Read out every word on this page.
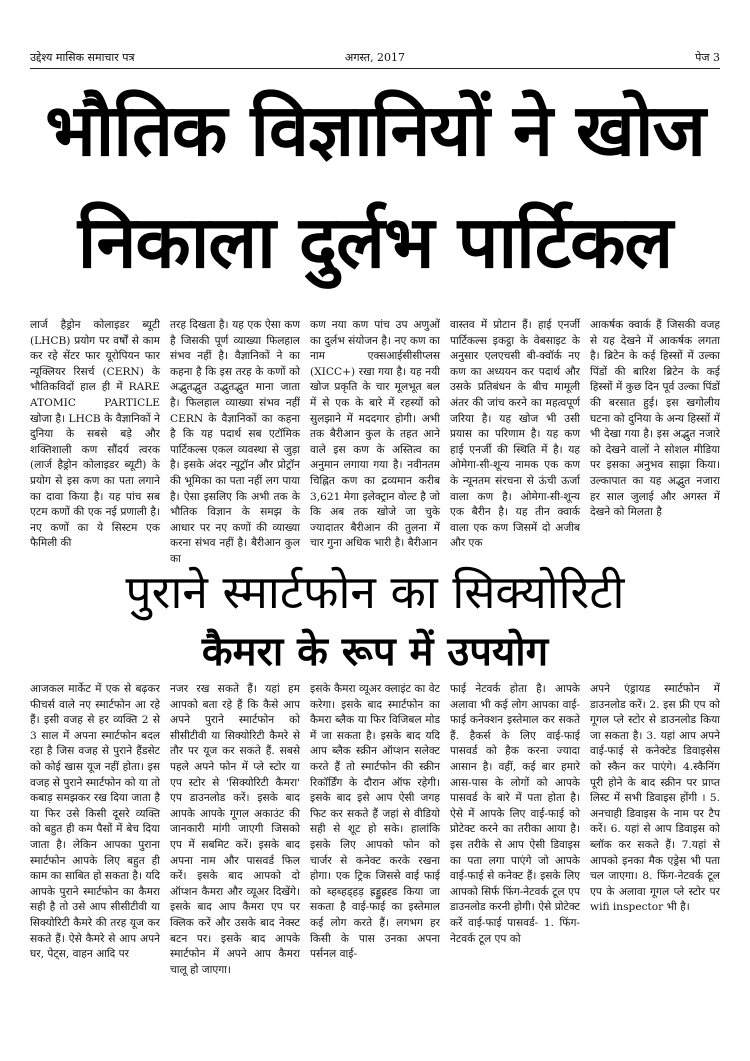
उद्देश्य मासिक समाचार पत्र	अगस्त, 2017	पेज 3
भौतिक विज्ञानियों ने खोज
निकाला दुर्लभ पार्टिकल

लार्ज हैड्रोन कोलाइडर ब्यूटी (LHCB) प्रयोग पर वर्षों से काम कर रहे सेंटर फार यूरोपियन फार न्यूक्लियर रिसर्च (CERN) के भौतिकविदों हाल ही में RARE ATOMIC PARTICLE खोजा है। LHCB के वैज्ञानिकों ने दुनिया के सबसे बड़े और शक्तिशाली कण सौंदर्य त्वरक (लार्ज हैड्रोन कोलाइडर ब्यूटी) के प्रयोग से इस कण का पता लगाने का दावा किया है। यह पांच सब एटम कणों की एक नई प्रणाली है। नए कणों का ये सिस्टम एक फैमिली की

तरह दिखता है। यह एक ऐसा कण है जिसकी पूर्ण व्याख्या फिलहाल संभव नहीं है। वैज्ञानिकों ने का कहना है कि इस तरह के कणों को अद्भुतद्भुत उद्भुतद्भुत माना जाता है। फिलहाल व्याख्या संभव नहीं CERN के वैज्ञानिकों का कहना है कि यह पदार्थ सब एटॉमिक पार्टिकल्स एकल व्यवस्था से जुड़ा है। इसके अंदर न्यूट्रॉन और प्रोट्रॉन की भूमिका का पता नहीं लग पाया है। ऐसा इसलिए कि अभी तक के भौतिक विज्ञान के समझ के आधार पर नए कणों की व्याख्या करना संभव नहीं है। बैरीआन कुल का

कण नया कण पांच उप अणुओं का दुर्लभ संयोजन है। नए कण का नाम एक्सआईसीसीप्लस (XICC+) रखा गया है। यह नयी खोज प्रकृति के चार मूलभूत बल में से एक के बारे में रहस्यों को सुलझाने में मददगार होगी। अभी तक बैरीआन कुल के तहत आने वाले इस कण के अस्तित्व का अनुमान लगाया गया है। नवीनतम चिह्नित कण का द्रव्यमान करीब 3,621 मेगा इलेक्ट्रान वोल्ट है जो कि अब तक खोजे जा चुके ज्यादातर बैरीआन की तुलना में चार गुना अधिक भारी है। बैरीआन

वास्तव में प्रोटान हैं। हाई एनर्जी पार्टिकल्स इकट्ठा के वेबसाइट के अनुसार एलएचसी बी-क्वॉर्क नए कण का अध्ययन कर पदार्थ और उसके प्रतिबंधन के बीच मामूली अंतर की जांच करने का महत्वपूर्ण जरिया है। यह खोज भी उसी प्रयास का परिणाम है। यह कण हाई एनर्जी की स्थिति में है। यह ओमेगा-सी-शून्य नामक एक कण के न्यूनतम संरचना से ऊंची ऊर्जा वाला कण है। ओमेगा-सी-शून्य एक बैरीन है। यह तीन क्वार्क वाला एक कण जिसमें दो अजीब और एक

आकर्षक क्वार्क हैं जिसकी वजह से यह देखने में आकर्षक लगता है। ब्रिटेन के कई हिस्सों में उल्का पिंडों की बारिश ब्रिटेन के कई हिस्सों में कुछ दिन पूर्व उल्का पिंडों की बरसात हुई। इस खगोलीय घटना को दुनिया के अन्य हिस्सों में भी देखा गया है। इस अद्भुत नजारे को देखने वालों ने सोशल मीडिया पर इसका अनुभव साझा किया। उल्कापात का यह अद्भुत नजारा हर साल जुलाई और अगस्त में देखने को मिलता है

पुराने स्मार्टफोन का सिक्योरिटी
कैमरा के रूप में उपयोग

आजकल मार्केट में एक से बढ़कर फीचर्स वाले नए स्मार्टफोन आ रहे हैं। इसी वजह से हर व्यक्ति 2 से 3 साल में अपना स्मार्टफोन बदल रहा है जिस वजह से पुराने हैंडसेट को कोई खास यूज नहीं होता। इस वजह से पुराने स्मार्टफोन को या तो कबाड़ समझकर रख दिया जाता है या फिर उसे किसी दूसरे व्यक्ति को बहुत ही कम पैसों में बेच दिया जाता है। लेकिन आपका पुराना स्मार्टफोन आपके लिए बहुत ही काम का साबित हो सकता है। यदि आपके पुराने स्मार्टफोन का कैमरा सही है तो उसे आप सीसीटीवी या सिक्योरिटी कैमरे की तरह यूज कर सकते हैं। ऐसे कैमरे से आप अपने घर, पेट्स, वाहन आदि पर

नजर रख सकते हैं। यहां हम आपको बता रहे हैं कि कैसे आप अपने पुराने स्मार्टफोन को सीसीटीवी या सिक्योरिटी कैमरे से तौर पर यूज कर सकते हैं. सबसे पहले अपने फोन में प्ले स्टोर या एप स्टोर से 'सिक्योरिटी कैमरा' एप डाउनलोड करें। इसके बाद आपके आपके गूगल अकाउंट की जानकारी मांगी जाएगी जिसको एप में सबमिट करें। इसके बाद अपना नाम और पासवर्ड फिल करें। इसके बाद आपको दो ऑप्शन कैमरा और व्यूअर दिखेंगे। इसके बाद आप कैमरा एप पर क्लिक करें और उसके बाद नेक्स्ट बटन पर। इसके बाद आपके स्मार्टफोन में अपने आप कैमरा चालू हो जाएगा।

इसके कैमरा व्यूअर क्लाइंट का वेट करेगा। इसके बाद स्मार्टफोन का कैमरा ब्लैक या फिर विजिबल मोड में जा सकता है। इसके बाद यदि आप ब्लैक स्क्रीन ऑप्शन सलेक्ट करते हैं तो स्मार्टफोन की स्क्रीन रिकॉर्डिंग के दौरान ऑफ रहेगी। इसके बाद इसे आप ऐसी जगह फिट कर सकते हैं जहां से वीडियो सही से शूट हो सके। हालांकि इसके लिए आपको फोन को चार्जर से कनेक्ट करके रखना होगा। एक ट्रिक जिससे वाई फाई को ब्हब्हड्हड़ ह्रड्डुह्रह्ड किया जा सकता है वाई-फाई का इस्तेमाल कई लोग करते हैं। लगभग हर किसी के पास उनका अपना पर्सनल वाई-

फाई नेटवर्क होता है। आपके अलावा भी कई लोग आपका वाई-फाई कनेक्शन इस्तेमाल कर सकते हैं. हैकर्स के लिए वाई-फाई पासवर्ड को हैक करना ज्यादा आसान है। वहीं, कई बार हमारे आस-पास के लोगों को आपके पासवर्ड के बारे में पता होता है। ऐसे में आपके लिए वाई-फाई को प्रोटेक्ट करने का तरीका आया है। इस तरीके से आप ऐसी डिवाइस का पता लगा पाएंगे जो आपके वाई-फाई से कनेक्ट हैं। इसके लिए आपको सिर्फ फिंग-नेटवर्क टूल एप डाउनलोड करनी होगी। ऐसे प्रोटेक्ट करें वाई-फाई पासवर्ड- 1. फिंग-नेटवर्क टूल एप को

अपने एंड्रायड स्मार्टफोन में डाउनलोड करें। 2. इस फ्री एप को गूगल प्ले स्टोर से डाउनलोड किया जा सकता है। 3. यहां आप अपने वाई-फाई से कनेक्टेड डिवाइसेस को स्कैन कर पाएंगे। 4.स्कैनिंग पूरी होने के बाद स्क्रीन पर प्राप्त लिस्ट में सभी डिवाइस होंगी । 5. अनचाही डिवाइस के नाम पर टैप करें। 6. यहां से आप डिवाइस को ब्लॉक कर सकते हैं। 7.यहां से आपको इनका मैक एड्रेस भी पता चल जाएगा। 8. फिंग-नेटवर्क टूल एप के अलावा गूगल प्ले स्टोर पर wifi inspector भी है।
